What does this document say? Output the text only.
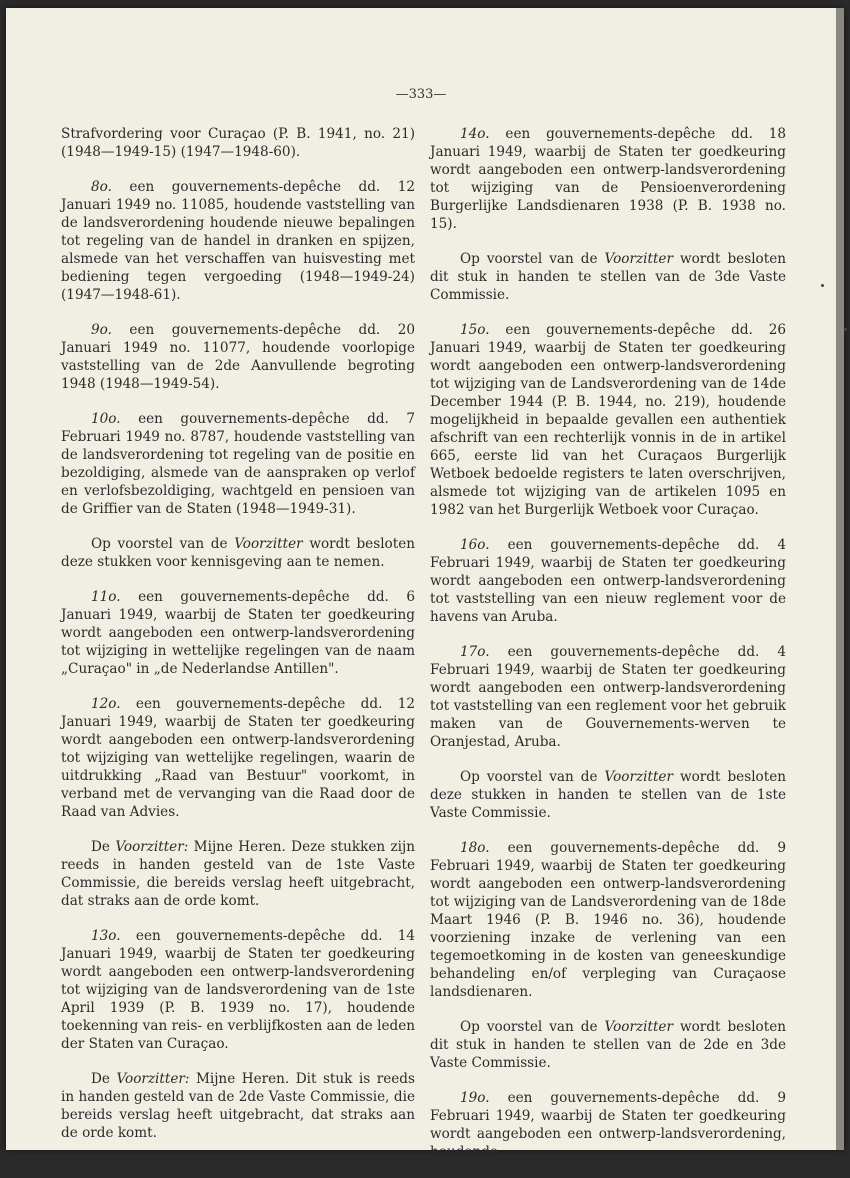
—333—

Strafvordering voor Curaçao (P. B. 1941, no. 21) (1948—1949-15) (1947—1948-60).

8o. een gouvernements-depêche dd. 12 Januari 1949 no. 11085, houdende vaststelling van de landsverordening houdende nieuwe bepalingen tot regeling van de handel in dranken en spijzen, alsmede van het verschaffen van huisvesting met bediening tegen vergoeding (1948—1949-24) (1947—1948-61).

9o. een gouvernements-depêche dd. 20 Januari 1949 no. 11077, houdende voorlopige vaststelling van de 2de Aanvullende begroting 1948 (1948—1949-54).

10o. een gouvernements-depêche dd. 7 Februari 1949 no. 8787, houdende vaststelling van de landsverordening tot regeling van de positie en bezoldiging, alsmede van de aanspraken op verlof en verlofsbezoldiging, wachtgeld en pensioen van de Griffier van de Staten (1948—1949-31).

Op voorstel van de Voorzitter wordt besloten deze stukken voor kennisgeving aan te nemen.

11o. een gouvernements-depêche dd. 6 Januari 1949, waarbij de Staten ter goedkeuring wordt aangeboden een ontwerp-landsverordening tot wijziging in wettelijke regelingen van de naam „Curaçao" in „de Nederlandse Antillen".

12o. een gouvernements-depêche dd. 12 Januari 1949, waarbij de Staten ter goedkeuring wordt aangeboden een ontwerp-landsverordening tot wijziging van wettelijke regelingen, waarin de uitdrukking „Raad van Bestuur" voorkomt, in verband met de vervanging van die Raad door de Raad van Advies.

De Voorzitter: Mijne Heren. Deze stukken zijn reeds in handen gesteld van de 1ste Vaste Commissie, die bereids verslag heeft uitgebracht, dat straks aan de orde komt.

13o. een gouvernements-depêche dd. 14 Januari 1949, waarbij de Staten ter goedkeuring wordt aangeboden een ontwerp-landsverordening tot wijziging van de landsverordening van de 1ste April 1939 (P. B. 1939 no. 17), houdende toekenning van reis- en verblijfkosten aan de leden der Staten van Curaçao.

De Voorzitter: Mijne Heren. Dit stuk is reeds in handen gesteld van de 2de Vaste Commissie, die bereids verslag heeft uitgebracht, dat straks aan de orde komt.

14o. een gouvernements-depêche dd. 18 Januari 1949, waarbij de Staten ter goedkeuring wordt aangeboden een ontwerp-landsverordening tot wijziging van de Pensioenverordening Burgerlijke Landsdienaren 1938 (P. B. 1938 no. 15).

Op voorstel van de Voorzitter wordt besloten dit stuk in handen te stellen van de 3de Vaste Commissie.

15o. een gouvernements-depêche dd. 26 Januari 1949, waarbij de Staten ter goedkeuring wordt aangeboden een ontwerp-landsverordening tot wijziging van de Landsverordening van de 14de December 1944 (P. B. 1944, no. 219), houdende mogelijkheid in bepaalde gevallen een authentiek afschrift van een rechterlijk vonnis in de in artikel 665, eerste lid van het Curaçaos Burgerlijk Wetboek bedoelde registers te laten overschrijven, alsmede tot wijziging van de artikelen 1095 en 1982 van het Burgerlijk Wetboek voor Curaçao.

16o. een gouvernements-depêche dd. 4 Februari 1949, waarbij de Staten ter goedkeuring wordt aangeboden een ontwerp-landsverordening tot vaststelling van een nieuw reglement voor de havens van Aruba.

17o. een gouvernements-depêche dd. 4 Februari 1949, waarbij de Staten ter goedkeuring wordt aangeboden een ontwerp-landsverordening tot vaststelling van een reglement voor het gebruik maken van de Gouvernements-werven te Oranjestad, Aruba.

Op voorstel van de Voorzitter wordt besloten deze stukken in handen te stellen van de 1ste Vaste Commissie.

18o. een gouvernements-depêche dd. 9 Februari 1949, waarbij de Staten ter goedkeuring wordt aangeboden een ontwerp-landsverordening tot wijziging van de Landsverordening van de 18de Maart 1946 (P. B. 1946 no. 36), houdende voorziening inzake de verlening van een tegemoetkoming in de kosten van geneeskundige behandeling en/of verpleging van Curaçaose landsdienaren.

Op voorstel van de Voorzitter wordt besloten dit stuk in handen te stellen van de 2de en 3de Vaste Commissie.

19o. een gouvernements-depêche dd. 9 Februari 1949, waarbij de Staten ter goedkeuring wordt aangeboden een ontwerp-landsverordening, houdende
